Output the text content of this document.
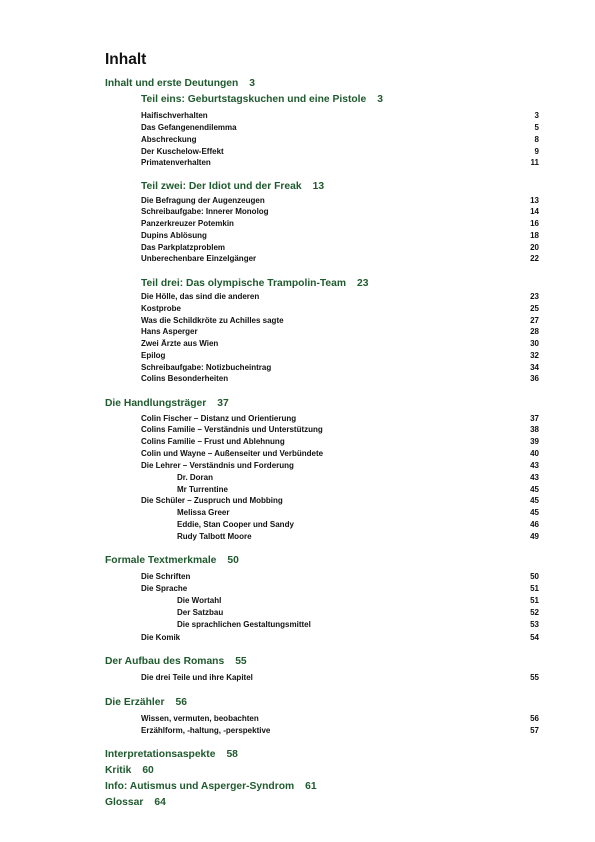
Inhalt
Inhalt und erste Deutungen 3
Teil eins: Geburtstagskuchen und eine Pistole 3
Haifischverhalten	3
Das Gefangenendilemma	5
Abschreckung	8
Der Kuschelow-Effekt	9
Primatenverhalten	11
Teil zwei: Der Idiot und der Freak 13
Die Befragung der Augenzeugen	13
Schreibaufgabe: Innerer Monolog	14
Panzerkreuzer Potemkin	16
Dupins Ablösung	18
Das Parkplatzproblem	20
Unberechenbare Einzelgänger	22
Teil drei: Das olympische Trampolin-Team 23
Die Hölle, das sind die anderen	23
Kostprobe	25
Was die Schildkröte zu Achilles sagte	27
Hans Asperger	28
Zwei Ärzte aus Wien	30
Epilog	32
Schreibaufgabe: Notizbucheintrag	34
Colins Besonderheiten	36
Die Handlungsträger 37
Colin Fischer – Distanz und Orientierung	37
Colins Familie – Verständnis und Unterstützung	38
Colins Familie – Frust und Ablehnung	39
Colin und Wayne – Außenseiter und Verbündete	40
Die Lehrer – Verständnis und Forderung	43
Dr. Doran	43
Mr Turrentine	45
Die Schüler – Zuspruch und Mobbing	45
Melissa Greer	45
Eddie, Stan Cooper und Sandy	46
Rudy Talbott Moore	49
Formale Textmerkmale 50
Die Schriften	50
Die Sprache	51
Die Wortahl	51
Der Satzbau	52
Die sprachlichen Gestaltungsmittel	53
Die Komik	54
Der Aufbau des Romans 55
Die drei Teile und ihre Kapitel	55
Die Erzähler 56
Wissen, vermuten, beobachten	56
Erzählform, -haltung, -perspektive	57
Interpretationsaspekte 58
Kritik 60
Info: Autismus und Asperger-Syndrom 61
Glossar 64
